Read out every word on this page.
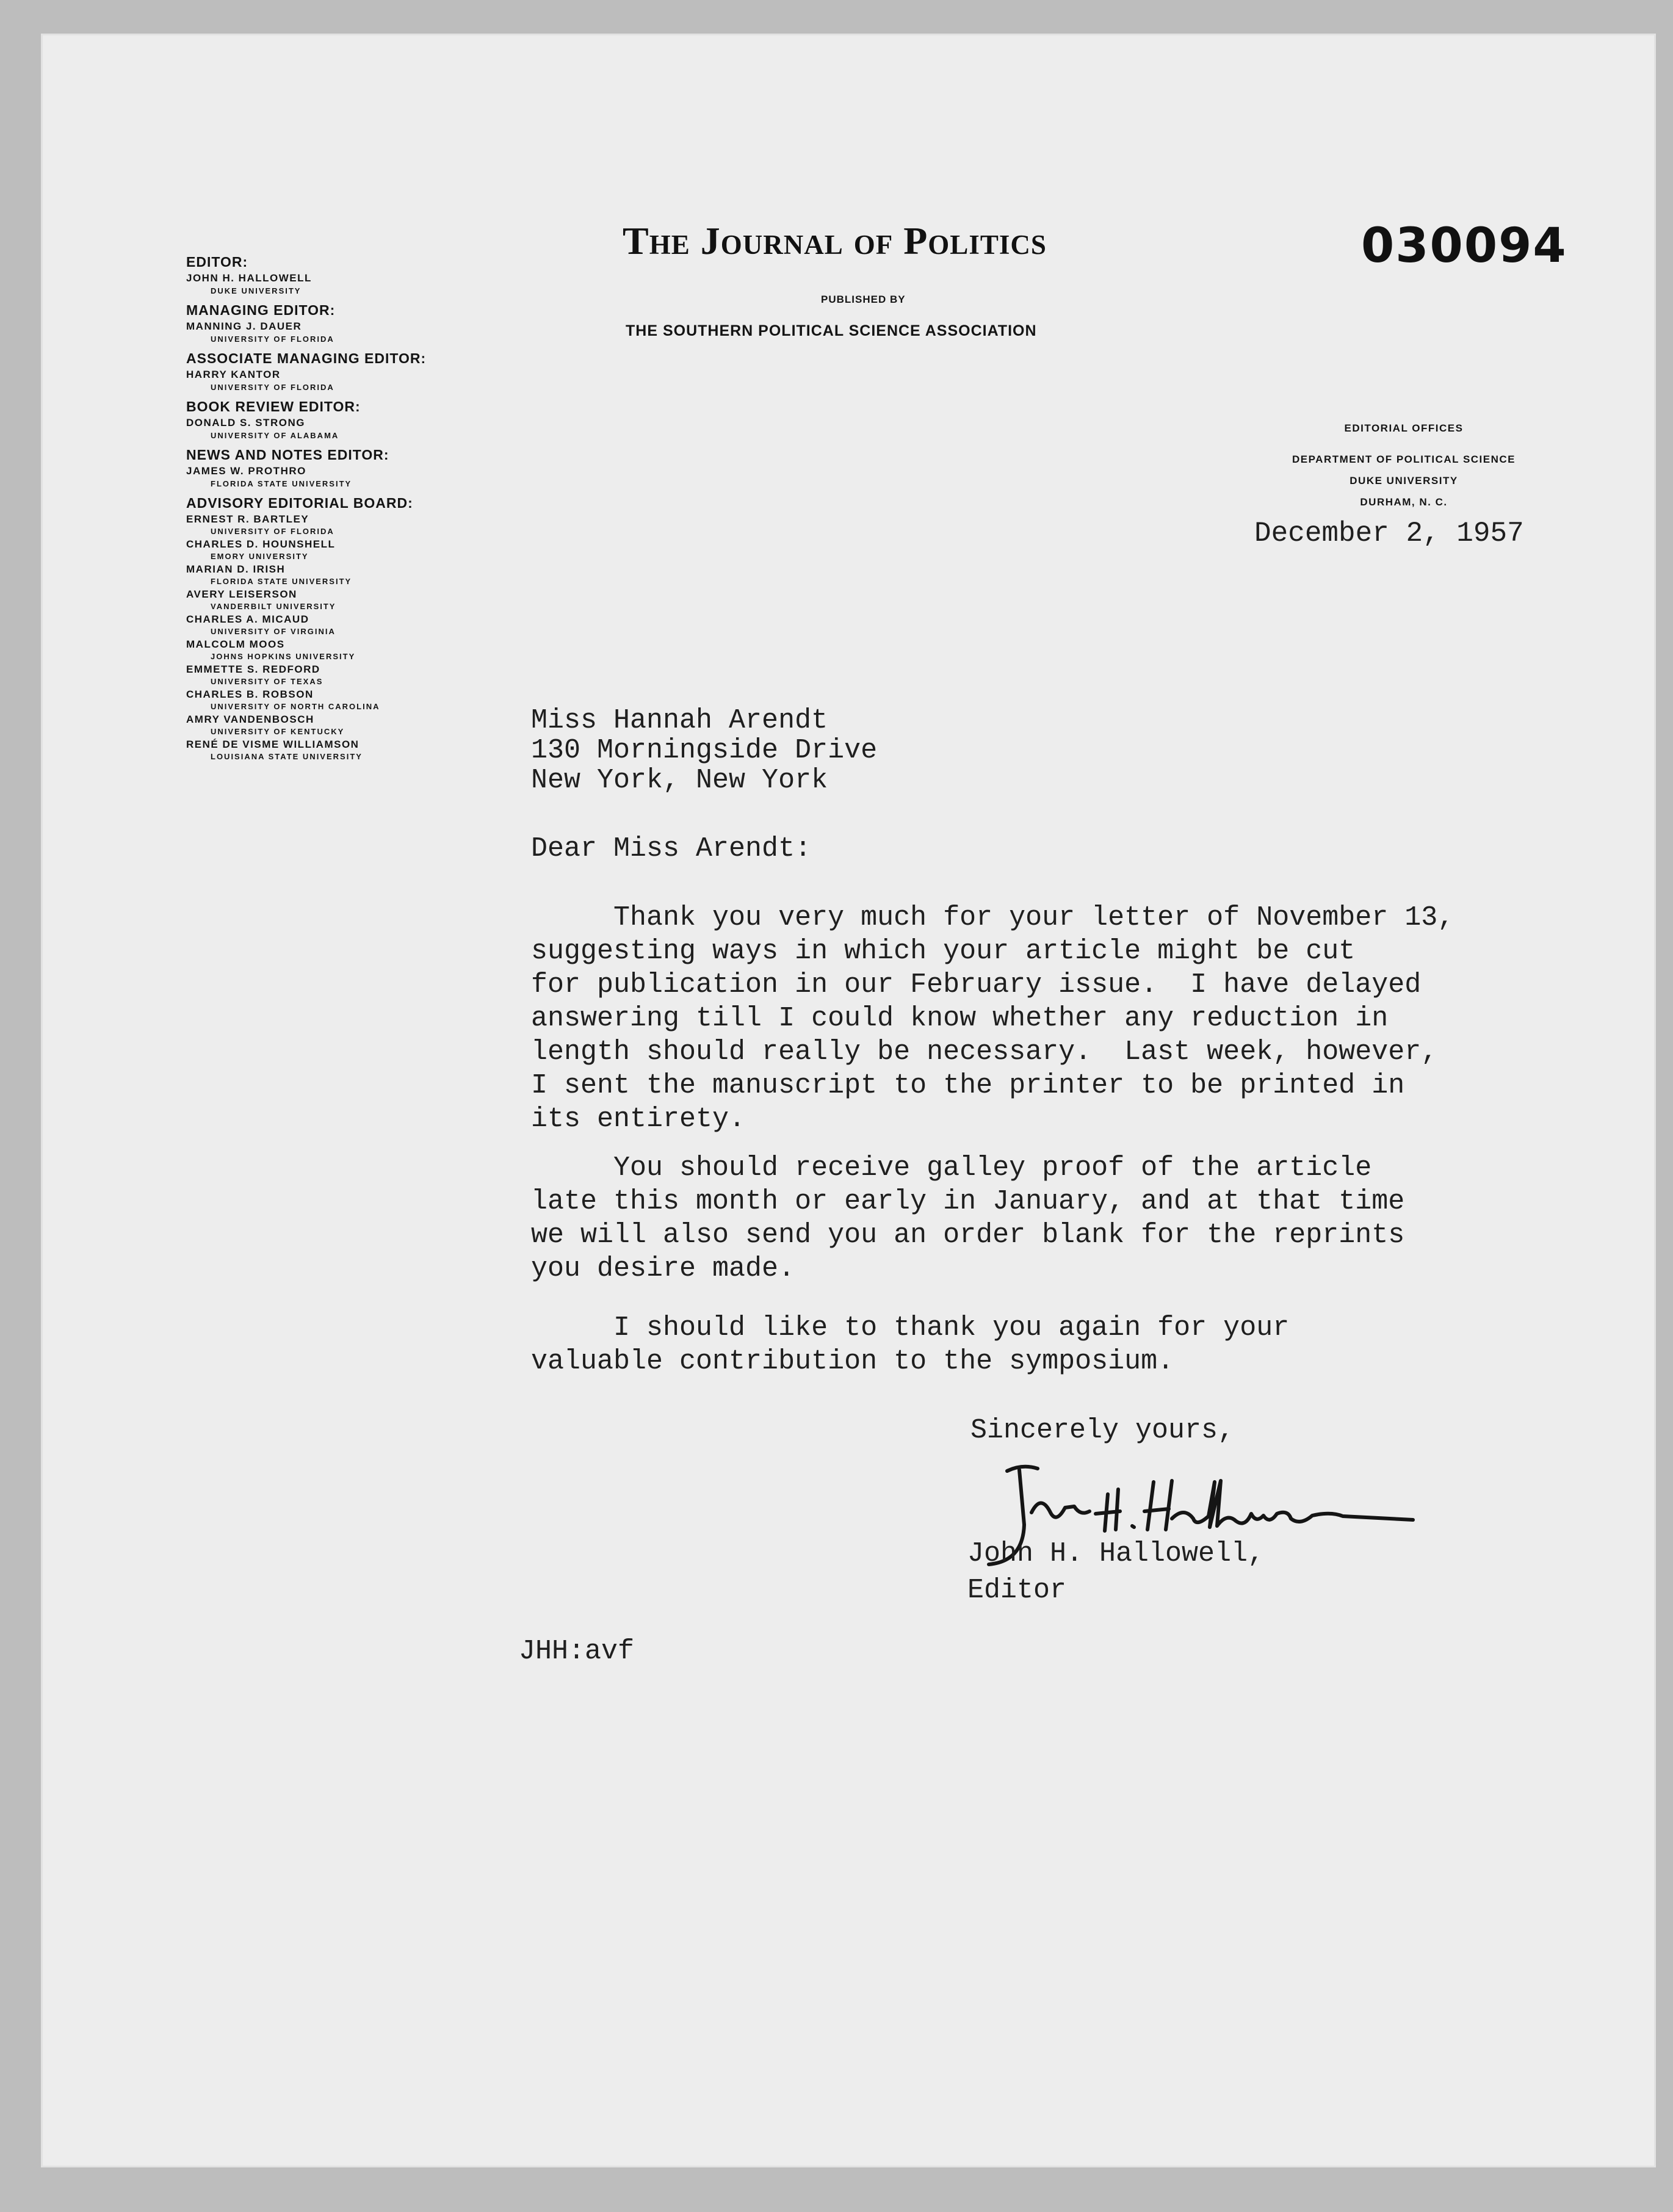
030094
The Journal of Politics
PUBLISHED BY
THE SOUTHERN POLITICAL SCIENCE ASSOCIATION
EDITOR:
JOHN H. HALLOWELL
DUKE UNIVERSITY
MANAGING EDITOR:
MANNING J. DAUER
UNIVERSITY OF FLORIDA
ASSOCIATE MANAGING EDITOR:
HARRY KANTOR
UNIVERSITY OF FLORIDA
BOOK REVIEW EDITOR:
DONALD S. STRONG
UNIVERSITY OF ALABAMA
NEWS AND NOTES EDITOR:
JAMES W. PROTHRO
FLORIDA STATE UNIVERSITY
ADVISORY EDITORIAL BOARD:
ERNEST R. BARTLEY
UNIVERSITY OF FLORIDA
CHARLES D. HOUNSHELL
EMORY UNIVERSITY
MARIAN D. IRISH
FLORIDA STATE UNIVERSITY
AVERY LEISERSON
VANDERBILT UNIVERSITY
CHARLES A. MICAUD
UNIVERSITY OF VIRGINIA
MALCOLM MOOS
JOHNS HOPKINS UNIVERSITY
EMMETTE S. REDFORD
UNIVERSITY OF TEXAS
CHARLES B. ROBSON
UNIVERSITY OF NORTH CAROLINA
AMRY VANDENBOSCH
UNIVERSITY OF KENTUCKY
RENÉ DE VISME WILLIAMSON
LOUISIANA STATE UNIVERSITY
EDITORIAL OFFICES
DEPARTMENT OF POLITICAL SCIENCE
DUKE UNIVERSITY
DURHAM, N. C.
December 2, 1957
Miss Hannah Arendt
130 Morningside Drive
New York, New York
Dear Miss Arendt:
Thank you very much for your letter of November 13,
suggesting ways in which your article might be cut
for publication in our February issue.  I have delayed
answering till I could know whether any reduction in
length should really be necessary.  Last week, however,
I sent the manuscript to the printer to be printed in
its entirety.
You should receive galley proof of the article
late this month or early in January, and at that time
we will also send you an order blank for the reprints
you desire made.
I should like to thank you again for your
valuable contribution to the symposium.
Sincerely yours,
John H. Hallowell,
Editor
JHH:avf
